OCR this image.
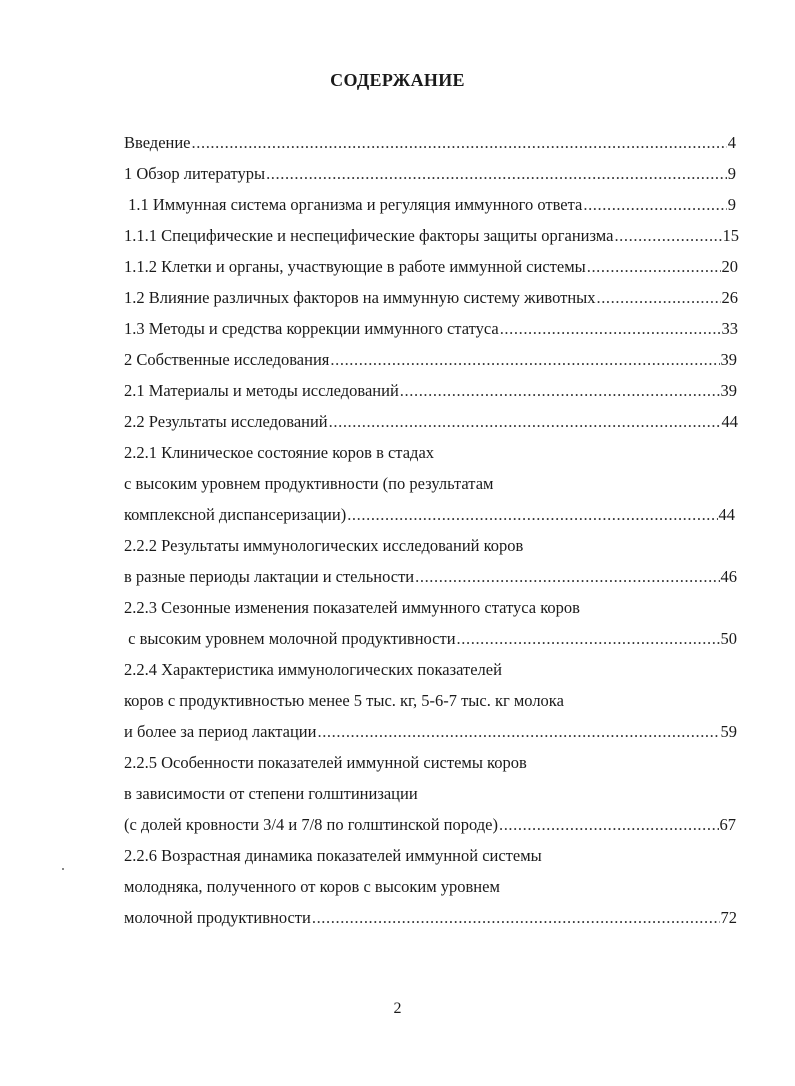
СОДЕРЖАНИЕ
Введение .....	4
1 Обзор литературы .....	9
1.1 Иммунная система организма и регуляция иммунного ответа .....	9
1.1.1 Специфические и неспецифические факторы защиты организма .....	15
1.1.2 Клетки и органы, участвующие в работе иммунной системы .....	20
1.2 Влияние различных факторов на иммунную систему животных .....	26
1.3 Методы и средства коррекции иммунного статуса .....	33
2 Собственные исследования .....	39
2.1 Материалы и методы исследований .....	39
2.2 Результаты исследований .....	44
2.2.1 Клиническое состояние коров в стадах
с высоким уровнем продуктивности (по результатам
комплексной диспансеризации) .....	44
2.2.2 Результаты иммунологических исследований коров
в разные периоды лактации и стельности .....	46
2.2.3 Сезонные изменения показателей иммунного статуса коров
с высоким уровнем молочной продуктивности .....	50
2.2.4 Характеристика иммунологических показателей
коров с продуктивностью менее 5 тыс. кг, 5-6-7 тыс. кг молока
и более за период лактации .....	59
2.2.5 Особенности показателей иммунной системы коров
в зависимости от степени голштинизации
(с долей кровности 3/4 и 7/8 по голштинской породе) .....	67
2.2.6 Возрастная динамика показателей иммунной системы
молодняка, полученного от коров с высоким уровнем
молочной продуктивности .....	72
2
